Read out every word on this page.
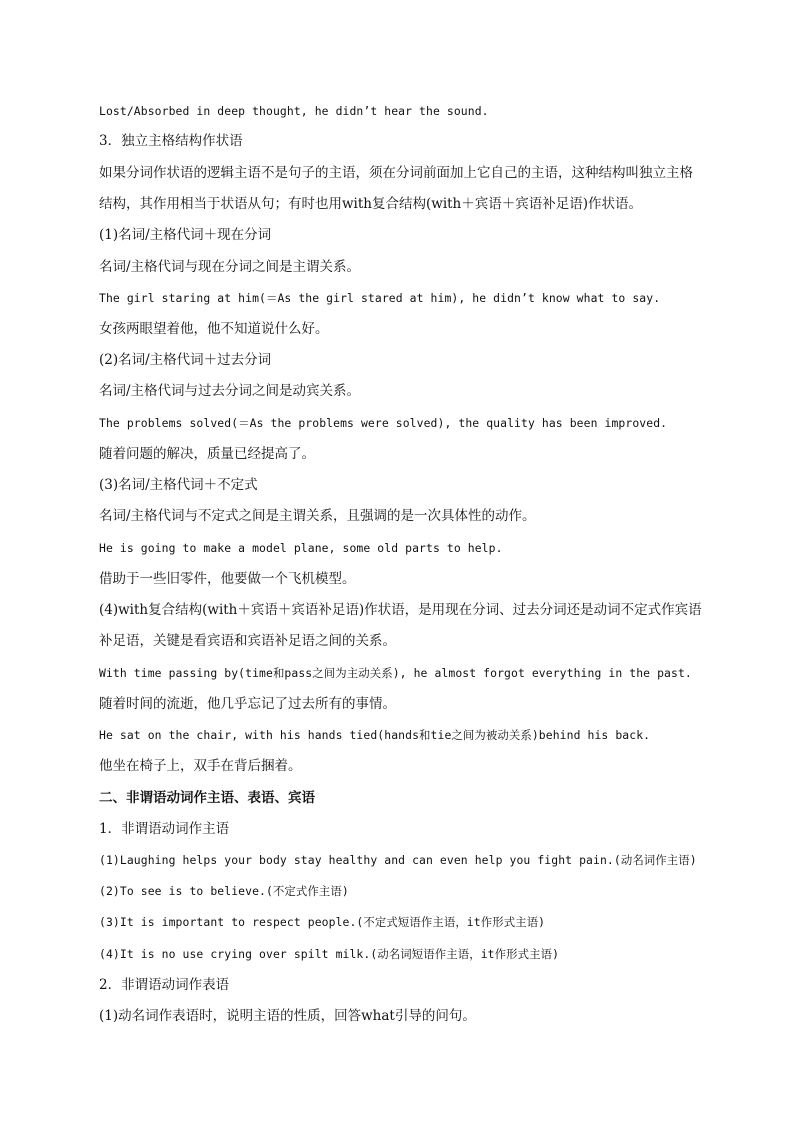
Lost/Absorbed in deep thought, he didn’t hear the sound.
3．独立主格结构作状语
如果分词作状语的逻辑主语不是句子的主语，须在分词前面加上它自己的主语，这种结构叫独立主格
结构，其作用相当于状语从句；有时也用with复合结构(with＋宾语＋宾语补足语)作状语。
(1)名词/主格代词＋现在分词
名词/主格代词与现在分词之间是主谓关系。
The girl staring at him(＝As the girl stared at him), he didn’t know what to say.
女孩两眼望着他，他不知道说什么好。
(2)名词/主格代词＋过去分词
名词/主格代词与过去分词之间是动宾关系。
The problems solved(＝As the problems were solved), the quality has been improved.
随着问题的解决，质量已经提高了。
(3)名词/主格代词＋不定式
名词/主格代词与不定式之间是主谓关系，且强调的是一次具体性的动作。
He is going to make a model plane, some old parts to help.
借助于一些旧零件，他要做一个飞机模型。
(4)with复合结构(with＋宾语＋宾语补足语)作状语，是用现在分词、过去分词还是动词不定式作宾语
补足语，关键是看宾语和宾语补足语之间的关系。
With time passing by(time和pass之间为主动关系), he almost forgot everything in the past.
随着时间的流逝，他几乎忘记了过去所有的事情。
He sat on the chair, with his hands tied(hands和tie之间为被动关系)behind his back.
他坐在椅子上，双手在背后捆着。
二、非谓语动词作主语、表语、宾语
1．非谓语动词作主语
(1)Laughing helps your body stay healthy and can even help you fight pain.(动名词作主语)
(2)To see is to believe.(不定式作主语)
(3)It is important to respect people.(不定式短语作主语，it作形式主语)
(4)It is no use crying over spilt milk.(动名词短语作主语，it作形式主语)
2．非谓语动词作表语
(1)动名词作表语时，说明主语的性质，回答what引导的问句。
